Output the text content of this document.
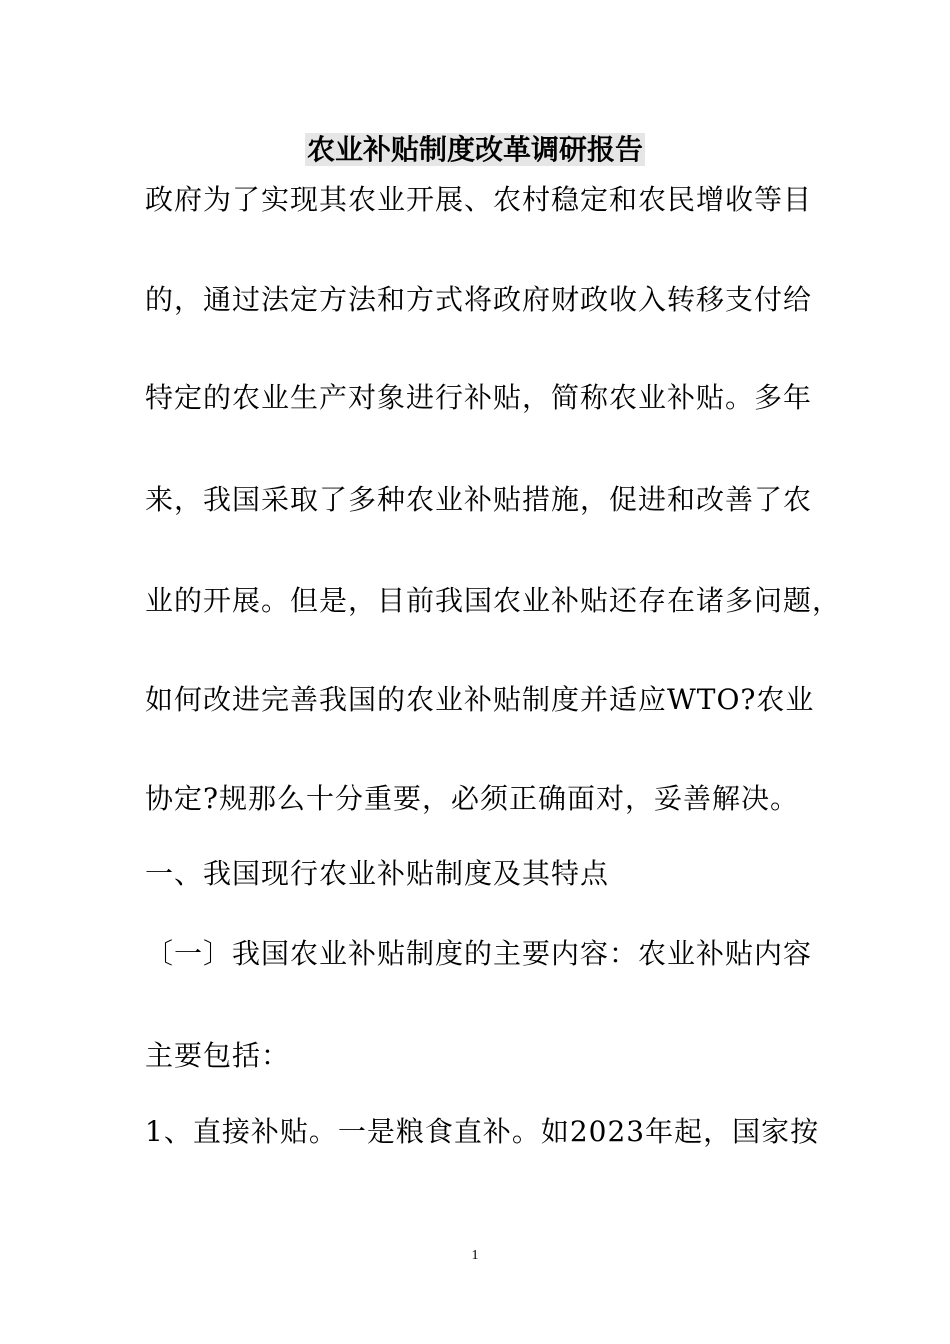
农业补贴制度改革调研报告
政府为了实现其农业开展、农村稳定和农民增收等目
的，通过法定方法和方式将政府财政收入转移支付给
特定的农业生产对象进行补贴，简称农业补贴。多年
来，我国采取了多种农业补贴措施，促进和改善了农
业的开展。但是，目前我国农业补贴还存在诸多问题，
如何改进完善我国的农业补贴制度并适应WTO?农业
协定?规那么十分重要，必须正确面对，妥善解决。
一、我国现行农业补贴制度及其特点
〔一〕我国农业补贴制度的主要内容：农业补贴内容
主要包括：
1、直接补贴。一是粮食直补。如2023年起，国家按
1
